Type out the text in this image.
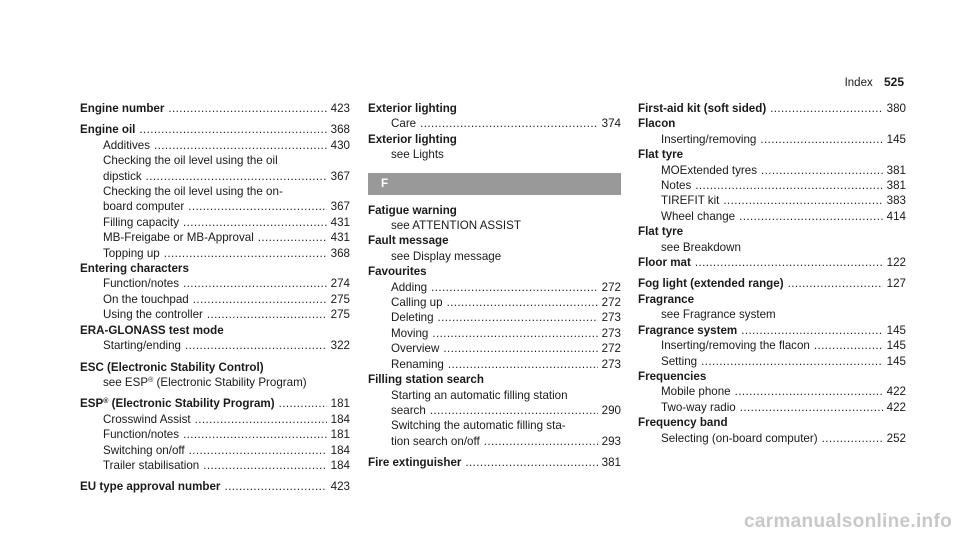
Index 525
Engine number .....	423
Engine oil .....	368
Additives .....	430
Checking the oil level using the oil
dipstick .....	367
Checking the oil level using the on-
board computer .....	367
Filling capacity .....	431
MB-Freigabe or MB-Approval .....	431
Topping up .....	368
Entering characters
Function/notes .....	274
On the touchpad .....	275
Using the controller .....	275
ERA-GLONASS test mode
Starting/ending .....	322
ESC (Electronic Stability Control)
see ESP® (Electronic Stability Program)
ESP® (Electronic Stability Program) .....	181
Crosswind Assist .....	184
Function/notes .....	181
Switching on/off .....	184
Trailer stabilisation .....	184
EU type approval number .....	423
Exterior lighting
Care .....	374
Exterior lighting
see Lights
F
Fatigue warning
see ATTENTION ASSIST
Fault message
see Display message
Favourites
Adding .....	272
Calling up .....	272
Deleting .....	273
Moving .....	273
Overview .....	272
Renaming .....	273
Filling station search
Starting an automatic filling station
search .....	290
Switching the automatic filling sta-
tion search on/off .....	293
Fire extinguisher .....	381
First-aid kit (soft sided) .....	380
Flacon
Inserting/removing .....	145
Flat tyre
MOExtended tyres .....	381
Notes .....	381
TIREFIT kit .....	383
Wheel change .....	414
Flat tyre
see Breakdown
Floor mat .....	122
Fog light (extended range) .....	127
Fragrance
see Fragrance system
Fragrance system .....	145
Inserting/removing the flacon .....	145
Setting .....	145
Frequencies
Mobile phone .....	422
Two-way radio .....	422
Frequency band
Selecting (on-board computer) .....	252
carmanualsonline.info
